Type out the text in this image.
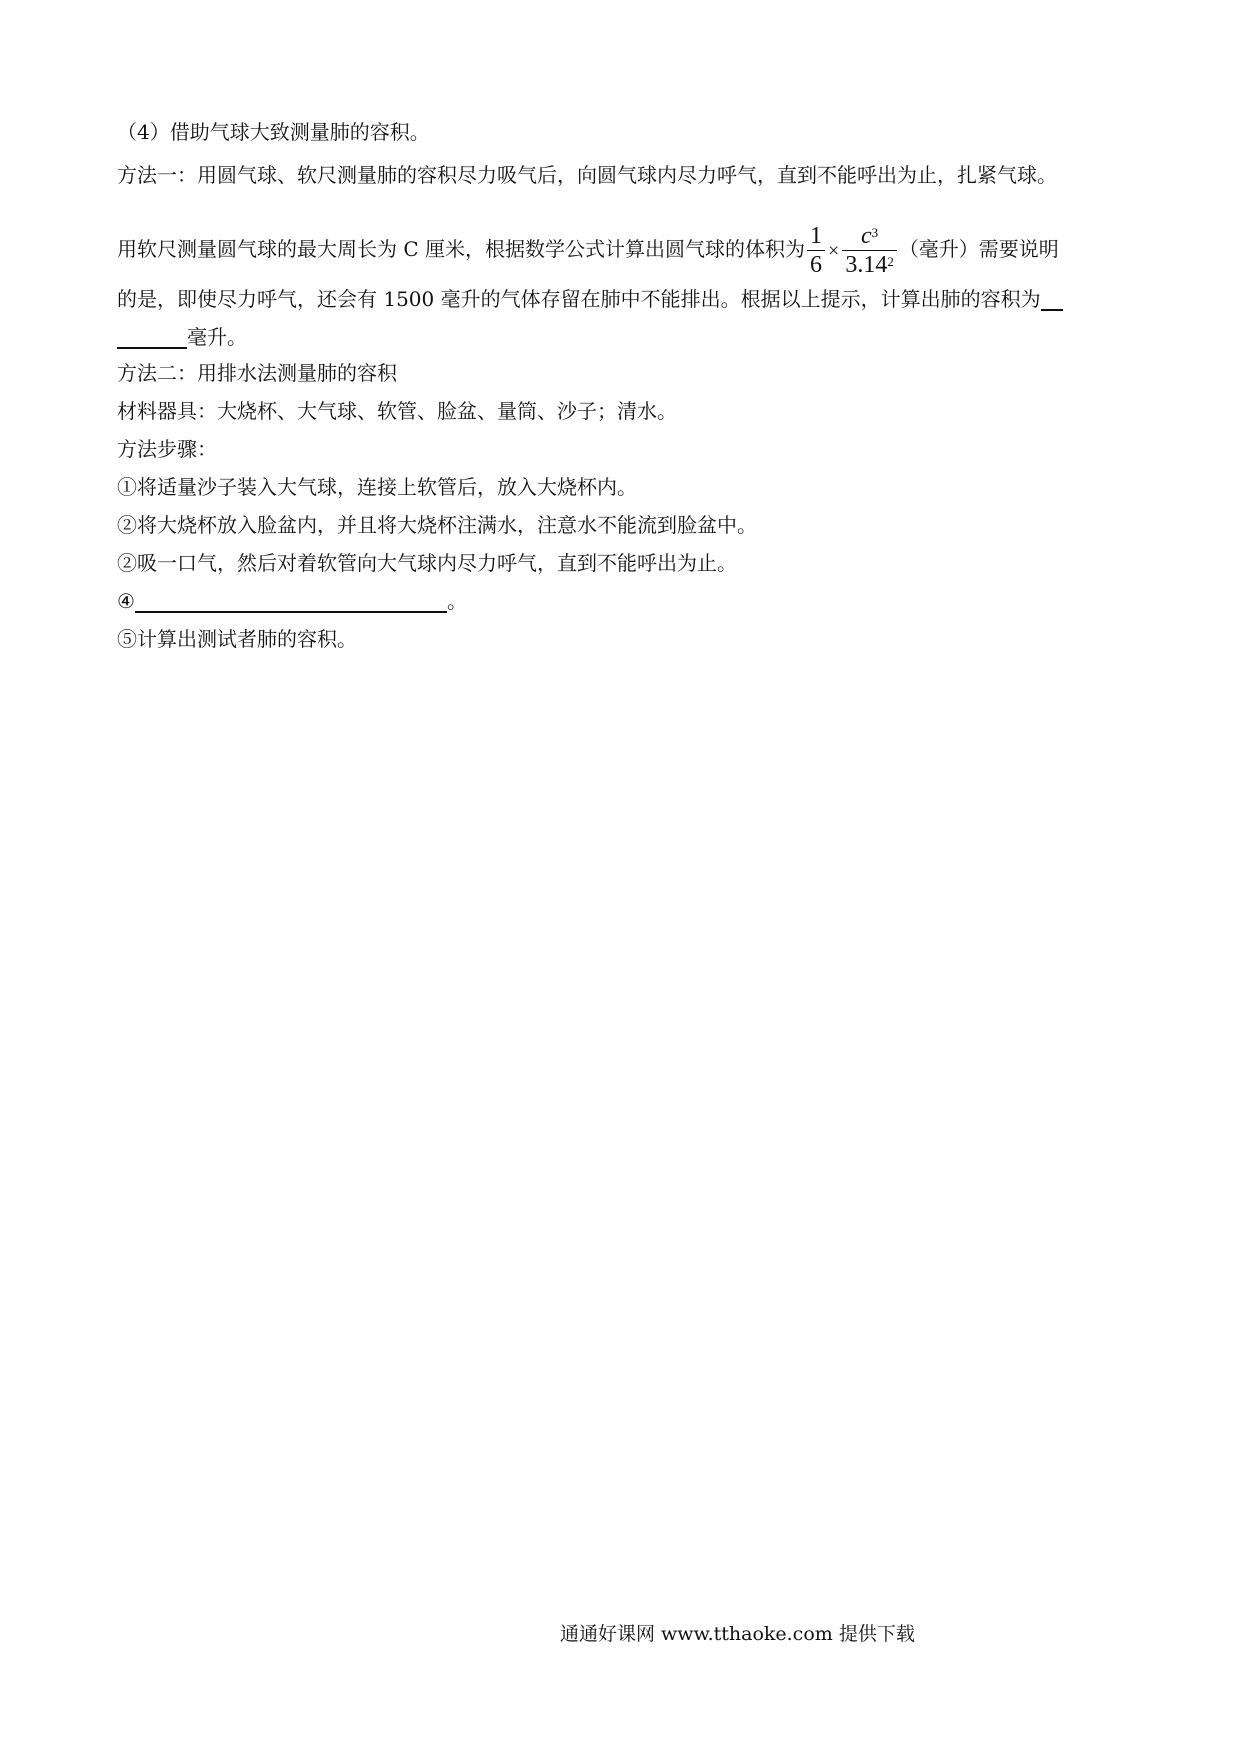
（4）借助气球大致测量肺的容积。
方法一：用圆气球、软尺测量肺的容积尽力吸气后，向圆气球内尽力呼气，直到不能呼出为止，扎紧气球。
用软尺测量圆气球的最大周长为 C 厘米，根据数学公式计算出圆气球的体积为 $\frac{1}{6} \times \frac{c^3}{3.14^2}$ （毫升）需要说明
的是，即使尽力呼气，还会有 1500 毫升的气体存留在肺中不能排出。根据以上提示，计算出肺的容积为
毫升。
方法二：用排水法测量肺的容积
材料器具：大烧杯、大气球、软管、脸盆、量筒、沙子；清水。
方法步骤：
①将适量沙子装入大气球，连接上软管后，放入大烧杯内。
②将大烧杯放入脸盆内，并且将大烧杯注满水，注意水不能流到脸盆中。
②吸一口气，然后对着软管向大气球内尽力呼气，直到不能呼出为止。
④	。
⑤计算出测试者肺的容积。
通通好课网 www.tthaoke.com 提供下载
